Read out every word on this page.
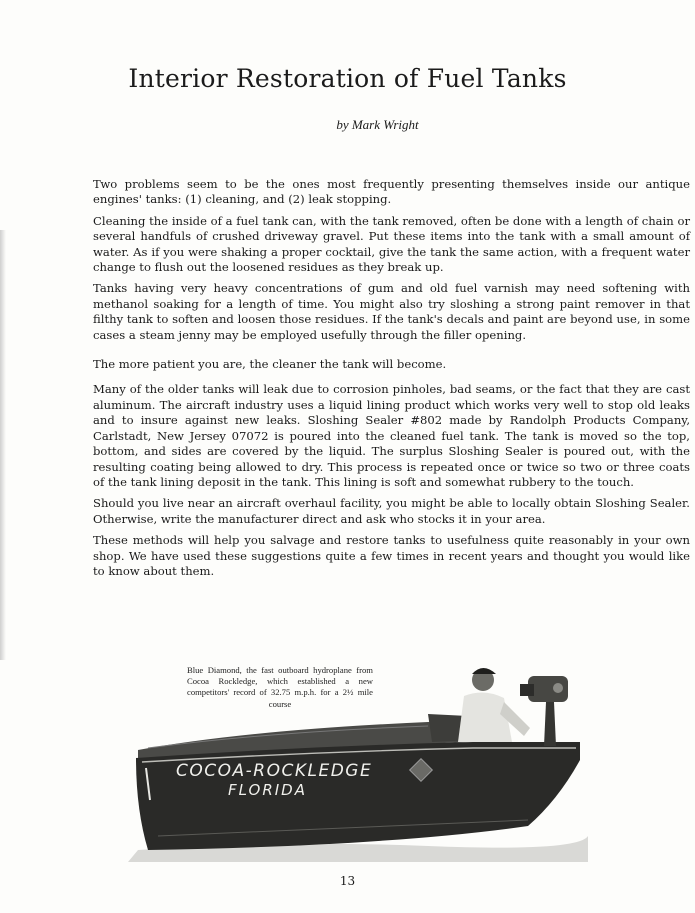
Interior Restoration of Fuel Tanks
by Mark Wright

Two problems seem to be the ones most frequently presenting themselves inside our antique engines' tanks: (1) cleaning, and (2) leak stopping.

Cleaning the inside of a fuel tank can, with the tank removed, often be done with a length of chain or several handfuls of crushed driveway gravel. Put these items into the tank with a small amount of water. As if you were shaking a proper cocktail, give the tank the same action, with a frequent water change to flush out the loosened residues as they break up.

Tanks having very heavy concentrations of gum and old fuel varnish may need softening with methanol soaking for a length of time. You might also try sloshing a strong paint remover in that filthy tank to soften and loosen those residues. If the tank's decals and paint are beyond use, in some cases a steam jenny may be employed usefully through the filler opening.

The more patient you are, the cleaner the tank will become.

Many of the older tanks will leak due to corrosion pinholes, bad seams, or the fact that they are cast aluminum. The aircraft industry uses a liquid lining product which works very well to stop old leaks and to insure against new leaks. Sloshing Sealer #802 made by Randolph Products Company, Carlstadt, New Jersey 07072 is poured into the cleaned fuel tank. The tank is moved so the top, bottom, and sides are covered by the liquid. The surplus Sloshing Sealer is poured out, with the resulting coating being allowed to dry. This process is repeated once or twice so two or three coats of the tank lining deposit in the tank. This lining is soft and somewhat rubbery to the touch.

Should you live near an aircraft overhaul facility, you might be able to locally obtain Sloshing Sealer. Otherwise, write the manufacturer direct and ask who stocks it in your area.

These methods will help you salvage and restore tanks to usefulness quite reasonably in your own shop. We have used these suggestions quite a few times in recent years and thought you would like to know about them.

COCOA-ROCKLEDGE
FLORIDA
Blue Diamond, the fast outboard hydroplane from Cocoa Rockledge, which established a new competitors' record of 32.75 m.p.h. for a 2½ mile course
13
